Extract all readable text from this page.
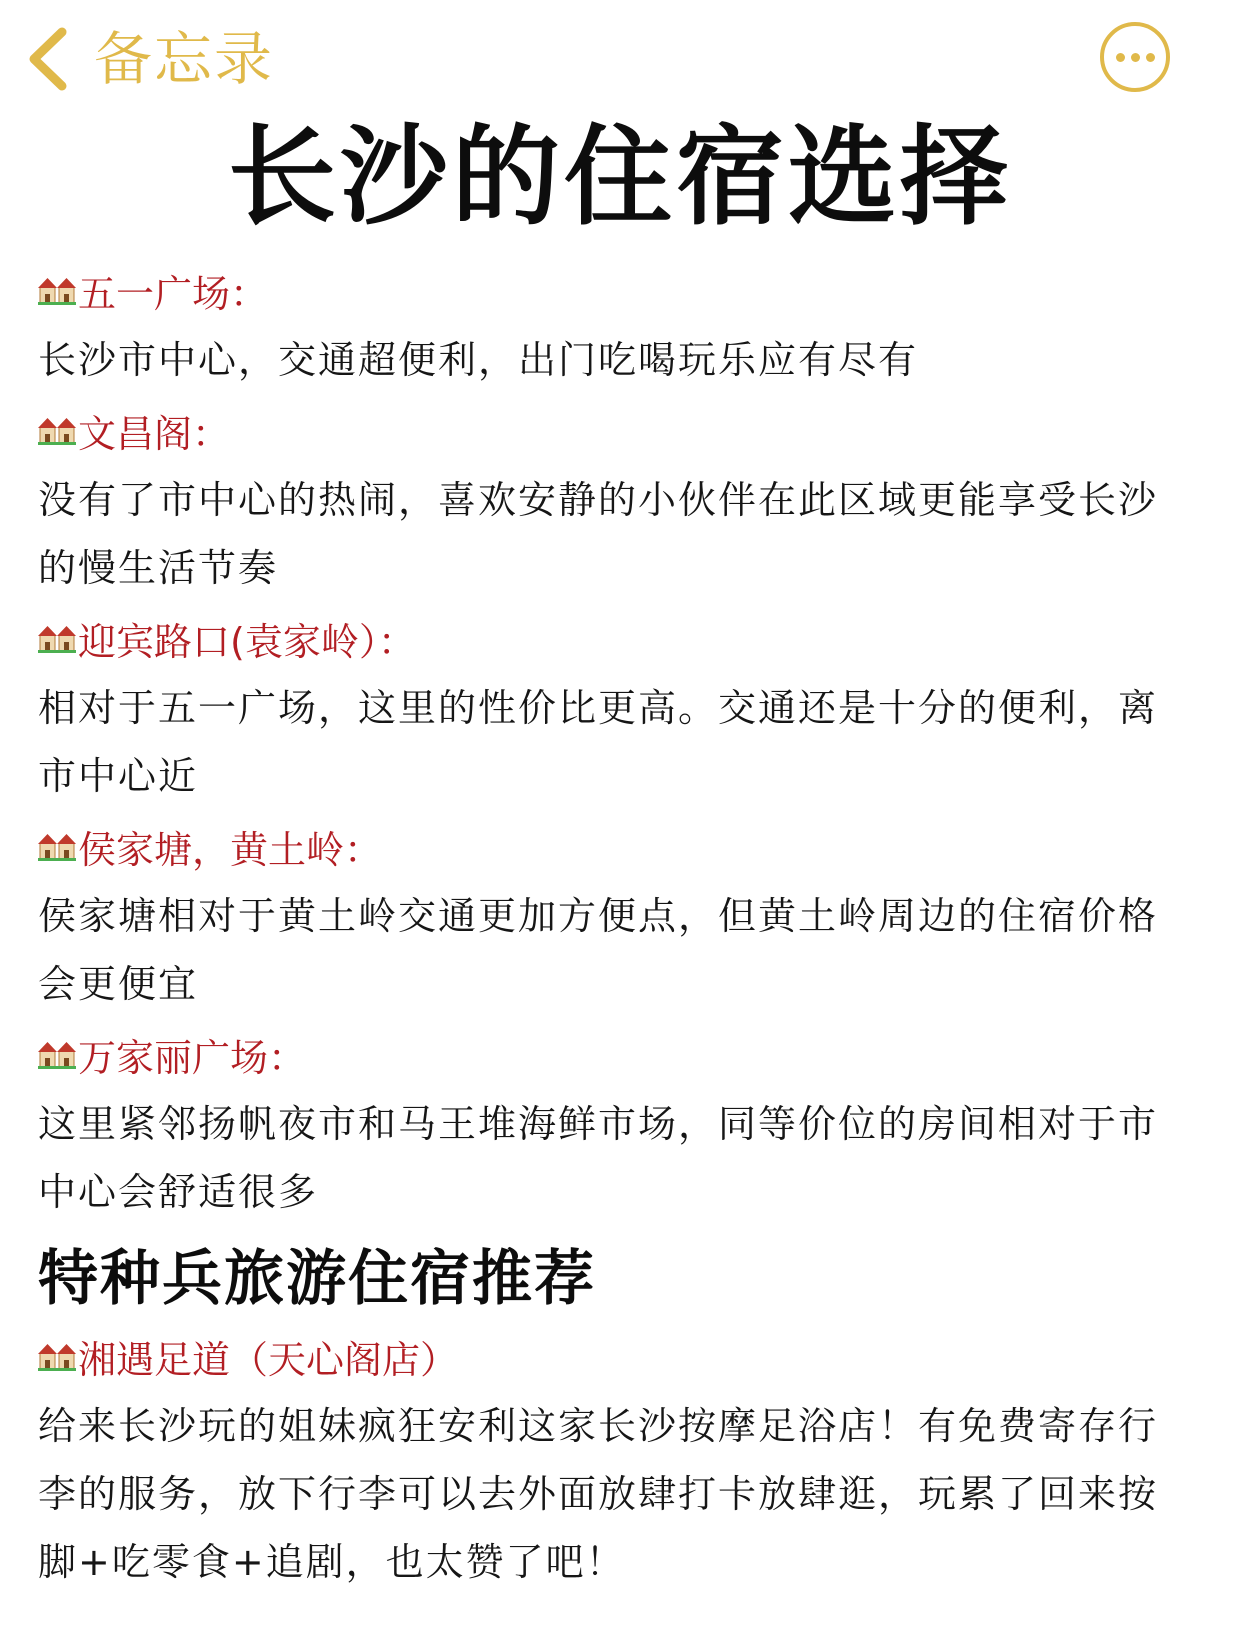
备忘录
长沙的住宿选择
五一广场：

长沙市中心，交通超便利，出门吃喝玩乐应有尽有

文昌阁：

没有了市中心的热闹，喜欢安静的小伙伴在此区域更能享受长沙的慢生活节奏

迎宾路口(袁家岭）：

相对于五一广场，这里的性价比更高。交通还是十分的便利，离市中心近

侯家塘，黄土岭：

侯家塘相对于黄土岭交通更加方便点，但黄土岭周边的住宿价格会更便宜

万家丽广场：

这里紧邻扬帆夜市和马王堆海鲜市场，同等价位的房间相对于市中心会舒适很多

特种兵旅游住宿推荐
湘遇足道（天心阁店）

给来长沙玩的姐妹疯狂安利这家长沙按摩足浴店！有免费寄存行李的服务，放下行李可以去外面放肆打卡放肆逛，玩累了回来按脚+吃零食+追剧，也太赞了吧！
